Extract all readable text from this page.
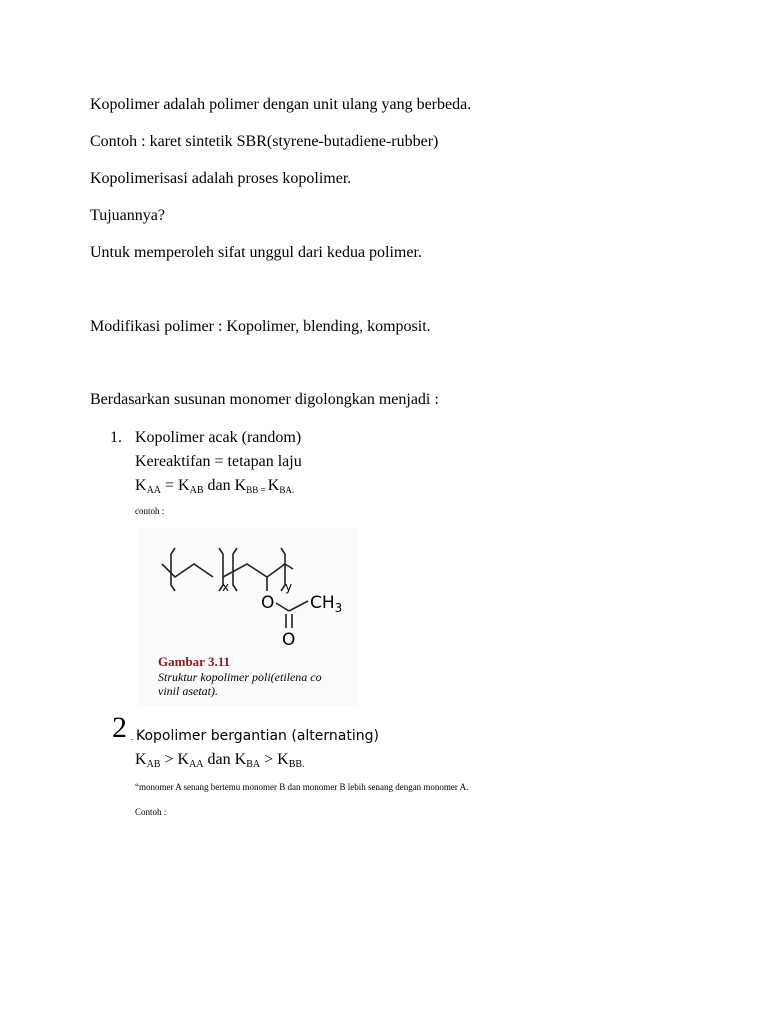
Kopolimer adalah polimer dengan unit ulang yang berbeda.
Contoh : karet sintetik SBR(styrene-butadiene-rubber)
Kopolimerisasi adalah proses kopolimer.
Tujuannya?
Untuk memperoleh sifat unggul dari kedua polimer.
Modifikasi polimer : Kopolimer, blending, komposit.
Berdasarkan susunan monomer digolongkan menjadi :
1. Kopolimer acak (random)
Kereaktifan = tetapan laju
$K_{AA} = K_{AB}$ dan $K_{BB =}$ $K_{BA.}$
contoh :
x	y
O
O
$CH_3$
Gambar 3.11
Struktur kopolimer poli(etilena co
vinil asetat).
2 . Kopolimer bergantian (alternating)
$K_{AB} > K_{AA}$ dan $K_{BA} > K_{BB.}$
“monomer A senang bertemu monomer B dan monomer B lebih senang dengan monomer A.
Contoh :
